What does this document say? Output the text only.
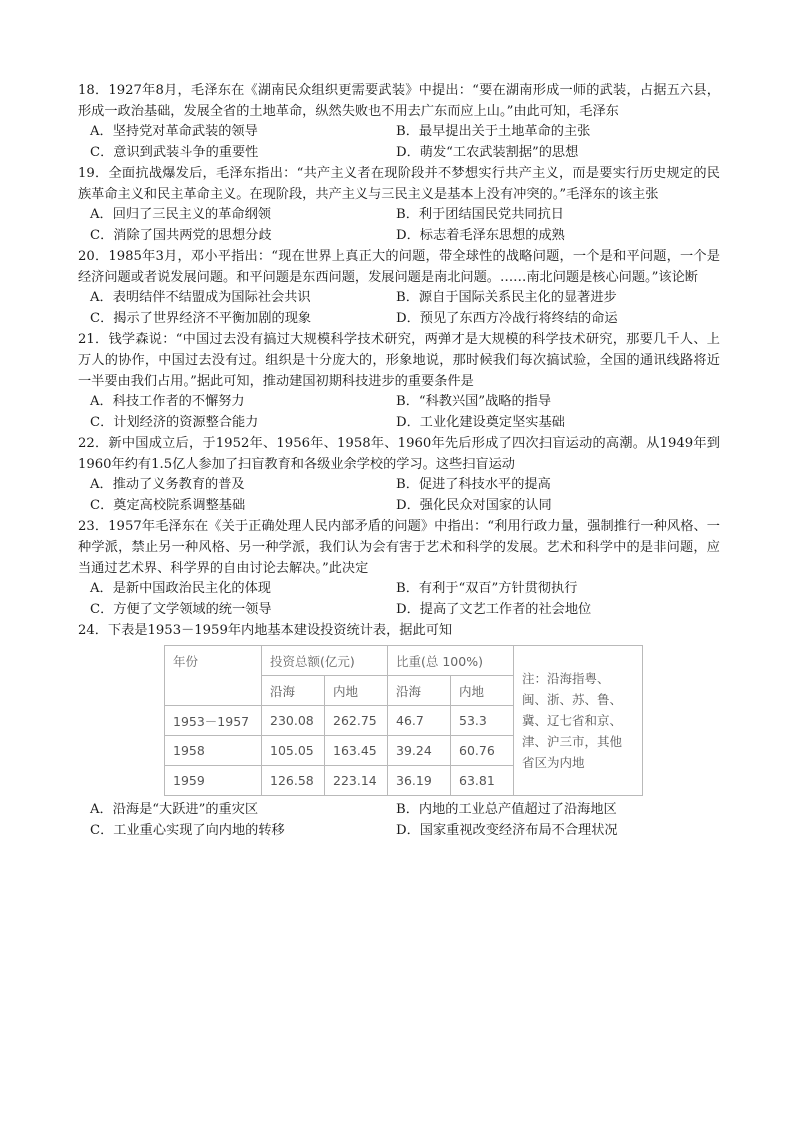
18．1927年8月，毛泽东在《湖南民众组织更需要武装》中提出：“要在湖南形成一师的武装，占据五六县，形成一政治基础，发展全省的土地革命，纵然失败也不用去广东而应上山。”由此可知，毛泽东

A．坚持党对革命武装的领导	B．最早提出关于土地革命的主张
C．意识到武装斗争的重要性	D．萌发“工农武装割据”的思想

19．全面抗战爆发后，毛泽东指出：“共产主义者在现阶段并不梦想实行共产主义，而是要实行历史规定的民族革命主义和民主革命主义。在现阶段，共产主义与三民主义是基本上没有冲突的。”毛泽东的该主张

A．回归了三民主义的革命纲领	B．利于团结国民党共同抗日
C．消除了国共两党的思想分歧	D．标志着毛泽东思想的成熟

20．1985年3月，邓小平指出：“现在世界上真正大的问题，带全球性的战略问题，一个是和平问题，一个是经济问题或者说发展问题。和平问题是东西问题，发展问题是南北问题。……南北问题是核心问题。”该论断

A．表明结伴不结盟成为国际社会共识	B．源自于国际关系民主化的显著进步
C．揭示了世界经济不平衡加剧的现象	D．预见了东西方冷战行将终结的命运

21．钱学森说：“中国过去没有搞过大规模科学技术研究，两弹才是大规模的科学技术研究，那要几千人、上万人的协作，中国过去没有过。组织是十分庞大的，形象地说，那时候我们每次搞试验，全国的通讯线路将近一半要由我们占用。”据此可知，推动建国初期科技进步的重要条件是

A．科技工作者的不懈努力	B．“科教兴国”战略的指导
C．计划经济的资源整合能力	D．工业化建设奠定坚实基础

22．新中国成立后，于1952年、1956年、1958年、1960年先后形成了四次扫盲运动的高潮。从1949年到1960年约有1.5亿人参加了扫盲教育和各级业余学校的学习。这些扫盲运动

A．推动了义务教育的普及	B．促进了科技水平的提高
C．奠定高校院系调整基础	D．强化民众对国家的认同

23．1957年毛泽东在《关于正确处理人民内部矛盾的问题》中指出：“利用行政力量，强制推行一种风格、一种学派，禁止另一种风格、另一种学派，我们认为会有害于艺术和科学的发展。艺术和科学中的是非问题，应当通过艺术界、科学界的自由讨论去解决。”此决定

A．是新中国政治民主化的体现	B．有利于“双百”方针贯彻执行
C．方便了文学领域的统一领导	D．提高了文艺工作者的社会地位

24．下表是1953－1959年内地基本建设投资统计表，据此可知

年份	投资总额(亿元)		比重(总 100%)		注：沿海指粤、闽、浙、苏、鲁、冀、辽七省和京、津、沪三市，其他省区为内地
	沿海	内地	沿海	内地	
1953－1957	230.08	262.75	46.7	53.3	
1958	105.05	163.45	39.24	60.76	
1959	126.58	223.14	36.19	63.81	
A．沿海是“大跃进”的重灾区	B．内地的工业总产值超过了沿海地区
C．工业重心实现了向内地的转移	D．国家重视改变经济布局不合理状况
